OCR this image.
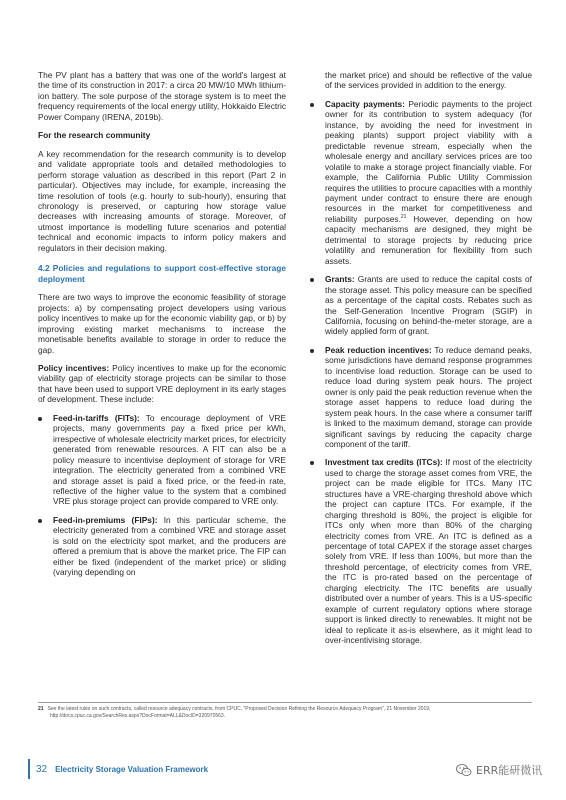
The PV plant has a battery that was one of the world's largest at the time of its construction in 2017: a circa 20 MW/10 MWh lithium-ion battery. The sole purpose of the storage system is to meet the frequency requirements of the local energy utility, Hokkaido Electric Power Company (IRENA, 2019b).

For the research community

A key recommendation for the research community is to develop and validate appropriate tools and detailed methodologies to perform storage valuation as described in this report (Part 2 in particular). Objectives may include, for example, increasing the time resolution of tools (e.g. hourly to sub-hourly), ensuring that chronology is preserved, or capturing how storage value decreases with increasing amounts of storage. Moreover, of utmost importance is modelling future scenarios and potential technical and economic impacts to inform policy makers and regulators in their decision making.

4.2 Policies and regulations to support cost-effective storage deployment

There are two ways to improve the economic feasibility of storage projects: a) by compensating project developers using various policy incentives to make up for the economic viability gap, or b) by improving existing market mechanisms to increase the monetisable benefits available to storage in order to reduce the gap.

Policy incentives: Policy incentives to make up for the economic viability gap of electricity storage projects can be similar to those that have been used to support VRE deployment in its early stages of development. These include:

Feed-in-tariffs (FITs): To encourage deployment of VRE projects, many governments pay a fixed price per kWh, irrespective of wholesale electricity market prices, for electricity generated from renewable resources. A FIT can also be a policy measure to incentivise deployment of storage for VRE integration. The electricity generated from a combined VRE and storage asset is paid a fixed price, or the feed-in rate, reflective of the higher value to the system that a combined VRE plus storage project can provide compared to VRE only.
Feed-in-premiums (FIPs): In this particular scheme, the electricity generated from a combined VRE and storage asset is sold on the electricity spot market, and the producers are offered a premium that is above the market price. The FIP can either be fixed (independent of the market price) or sliding (varying depending on

the market price) and should be reflective of the value of the services provided in addition to the energy.

Capacity payments: Periodic payments to the project owner for its contribution to system adequacy (for instance, by avoiding the need for investment in peaking plants) support project viability with a predictable revenue stream, especially when the wholesale energy and ancillary services prices are too volatile to make a storage project financially viable. For example, the California Public Utility Commission requires the utilities to procure capacities with a monthly payment under contract to ensure there are enough resources in the market for competitiveness and reliability purposes.$^{21}$ However, depending on how capacity mechanisms are designed, they might be detrimental to storage projects by reducing price volatility and remuneration for flexibility from such assets.
Grants: Grants are used to reduce the capital costs of the storage asset. This policy measure can be specified as a percentage of the capital costs. Rebates such as the Self-Generation Incentive Program (SGIP) in California, focusing on behind-the-meter storage, are a widely applied form of grant.
Peak reduction incentives: To reduce demand peaks, some jurisdictions have demand response programmes to incentivise load reduction. Storage can be used to reduce load during system peak hours. The project owner is only paid the peak reduction revenue when the storage asset happens to reduce load during the system peak hours. In the case where a consumer tariff is linked to the maximum demand, storage can provide significant savings by reducing the capacity charge component of the tariff.
Investment tax credits (ITCs): If most of the electricity used to charge the storage asset comes from VRE, the project can be made eligible for ITCs. Many ITC structures have a VRE-charging threshold above which the project can capture ITCs. For example, if the charging threshold is 80%, the project is eligible for ITCs only when more than 80% of the charging electricity comes from VRE. An ITC is defined as a percentage of total CAPEX if the storage asset charges solely from VRE. If less than 100%, but more than the threshold percentage, of electricity comes from VRE, the ITC is pro-rated based on the percentage of charging electricity. The ITC benefits are usually distributed over a number of years. This is a US-specific example of current regulatory options where storage support is linked directly to renewables. It might not be ideal to replicate it as-is elsewhere, as it might lead to over-incentivising storage.
21 See the latest rules on such contracts, called resource adequacy contracts, from CPUC, "Proposed Decision Refining the Resource Adequacy Program", 21 November 2019,
http://docs.cpuc.ca.gov/SearchRes.aspx?DocFormat=ALL&DocID=320970563.
32 Electricity Storage Valuation Framework	ERR能研微讯
